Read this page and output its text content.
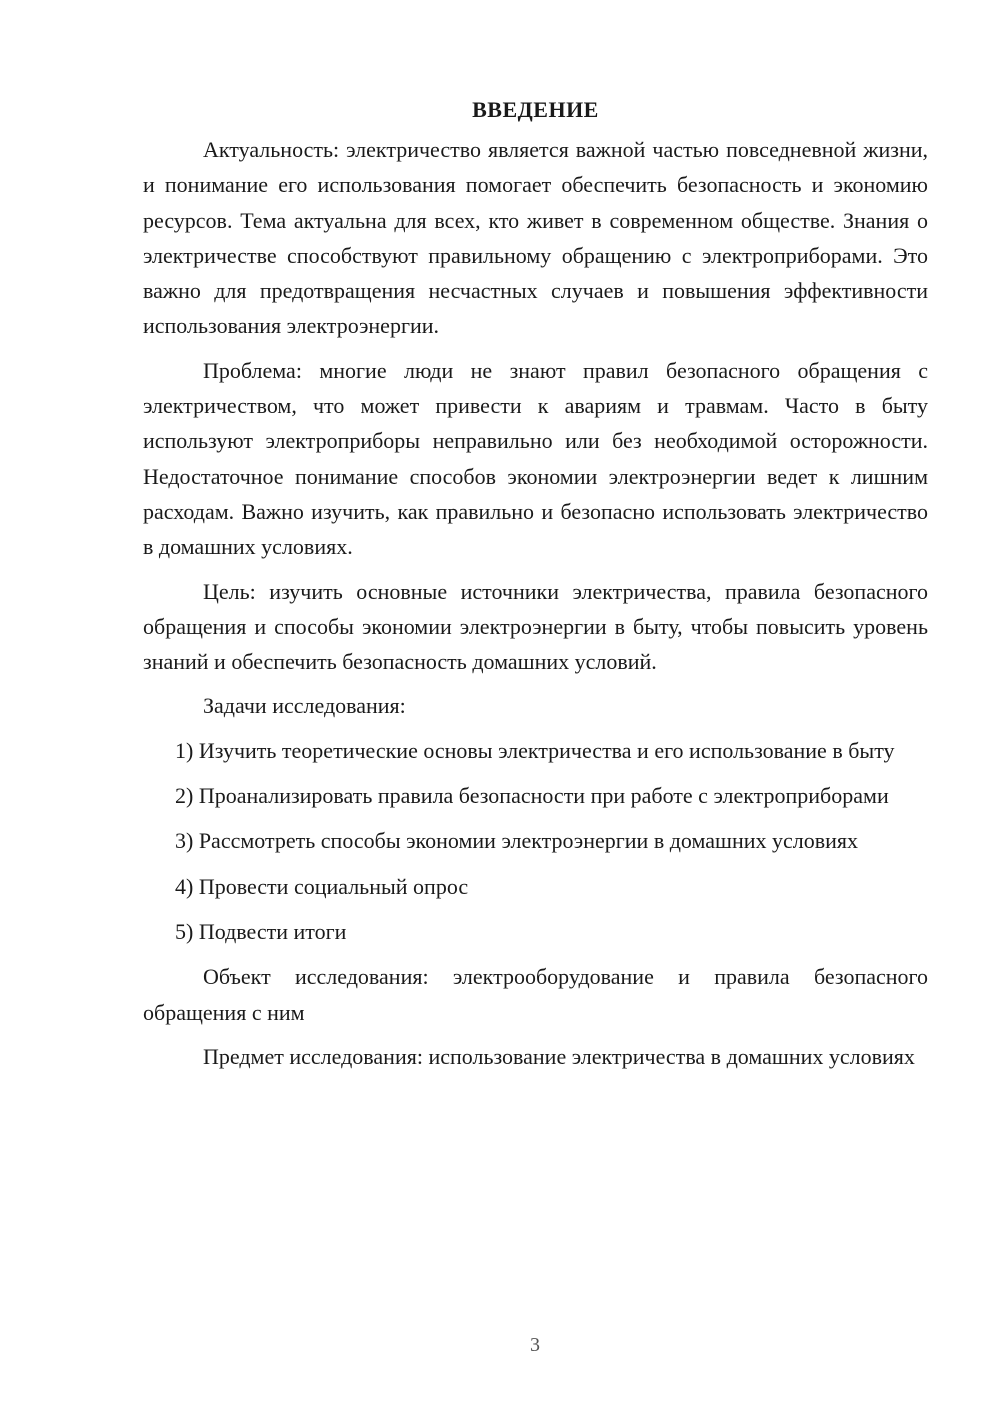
ВВЕДЕНИЕ

Актуальность: электричество является важной частью повседневной жизни, и понимание его использования помогает обеспечить безопасность и экономию ресурсов. Тема актуальна для всех, кто живет в современном обществе. Знания о электричестве способствуют правильному обращению с электроприборами. Это важно для предотвращения несчастных случаев и повышения эффективности использования электроэнергии.

Проблема: многие люди не знают правил безопасного обращения с электричеством, что может привести к авариям и травмам. Часто в быту используют электроприборы неправильно или без необходимой осторожности. Недостаточное понимание способов экономии электроэнергии ведет к лишним расходам. Важно изучить, как правильно и безопасно использовать электричество в домашних условиях.

Цель: изучить основные источники электричества, правила безопасного обращения и способы экономии электроэнергии в быту, чтобы повысить уровень знаний и обеспечить безопасность домашних условий.

Задачи исследования:

1) Изучить теоретические основы электричества и его использование в быту

2) Проанализировать правила безопасности при работе с электроприборами

3) Рассмотреть способы экономии электроэнергии в домашних условиях

4) Провести социальный опрос

5) Подвести итоги

Объект исследования: электрооборудование и правила безопасного обращения с ним

Предмет исследования: использование электричества в домашних условиях

3
